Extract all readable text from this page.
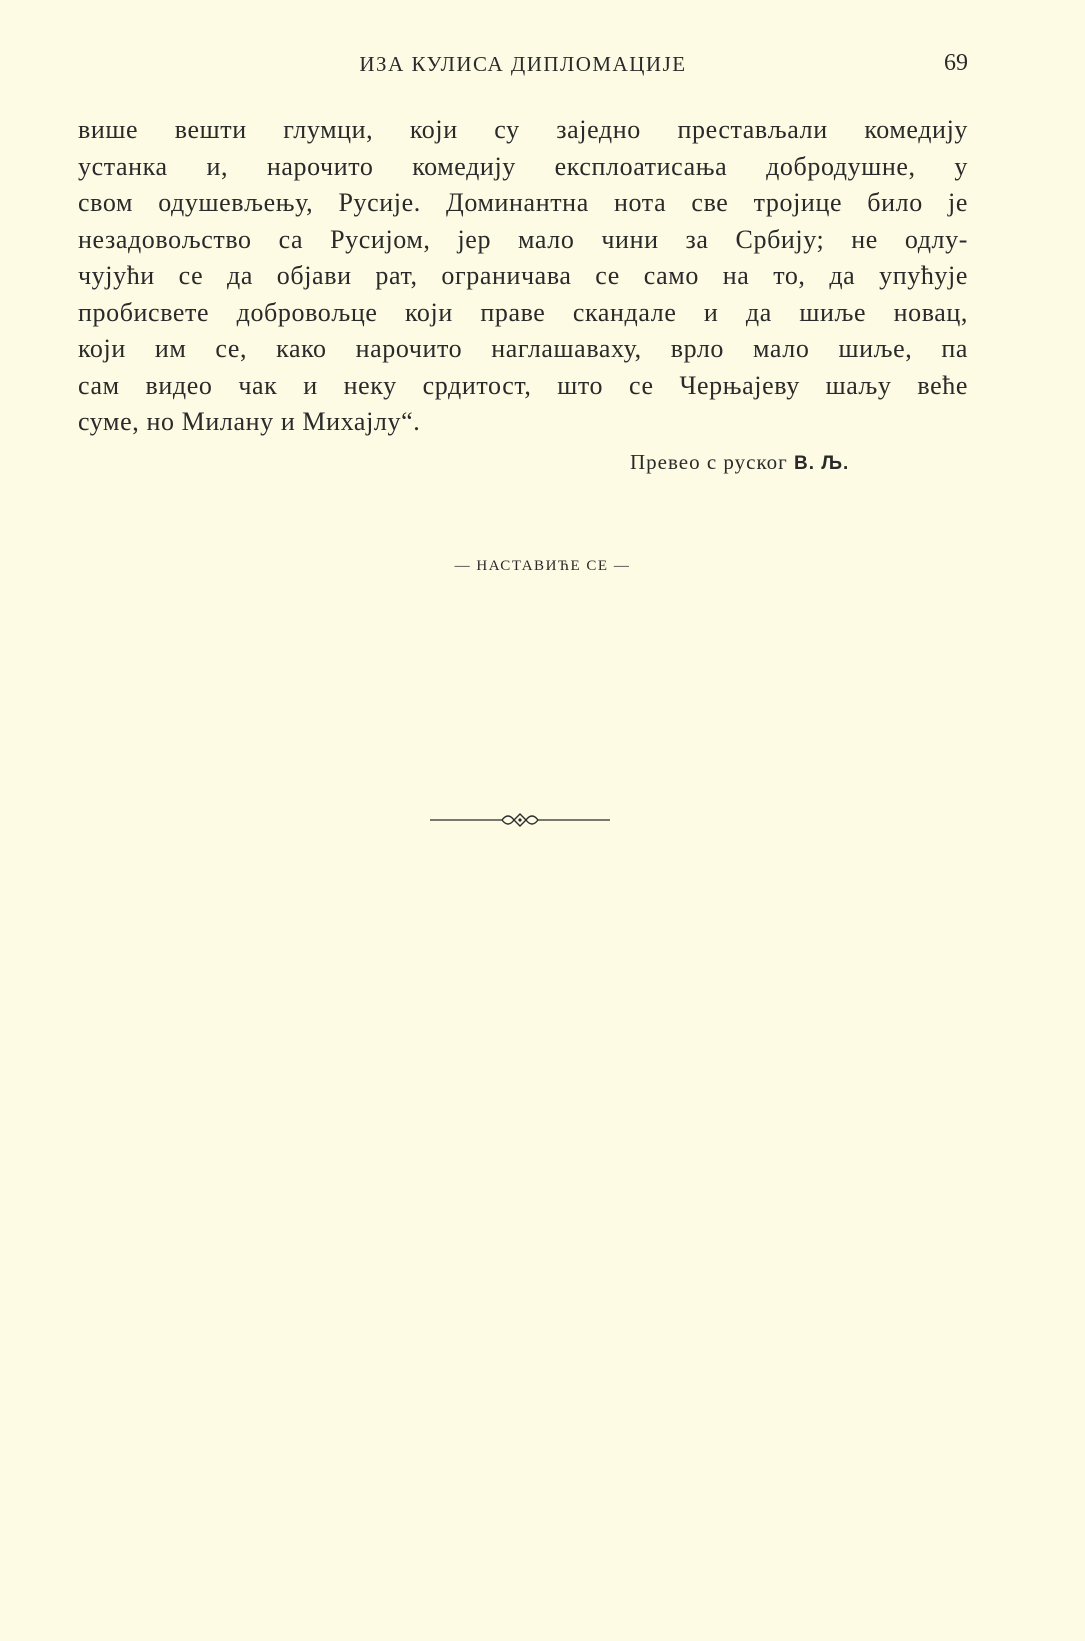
ИЗА КУЛИСА ДИПЛОМАЦИЈЕ	69
више вешти глумци, који су заједно престављали комедију
устанка и, нарочито комедију експлоатисања добродушне, у
свом одушевљењу, Русије. Доминантна нота све тројице било је
незадовољство са Русијом, јер мало чини за Србију; не одлу-
чујући се да објави рат, ограничава се само на то, да упућује
пробисвете добровољце који праве скандале и да шиље новац,
који им се, како нарочито наглашаваху, врло мало шиље, па
сам видео чак и неку срдитост, што се Черњајеву шаљу веће
суме, но Милану и Михајлу“.
Превео с руског В. Љ.
— НАСТАВИЋЕ СЕ —
